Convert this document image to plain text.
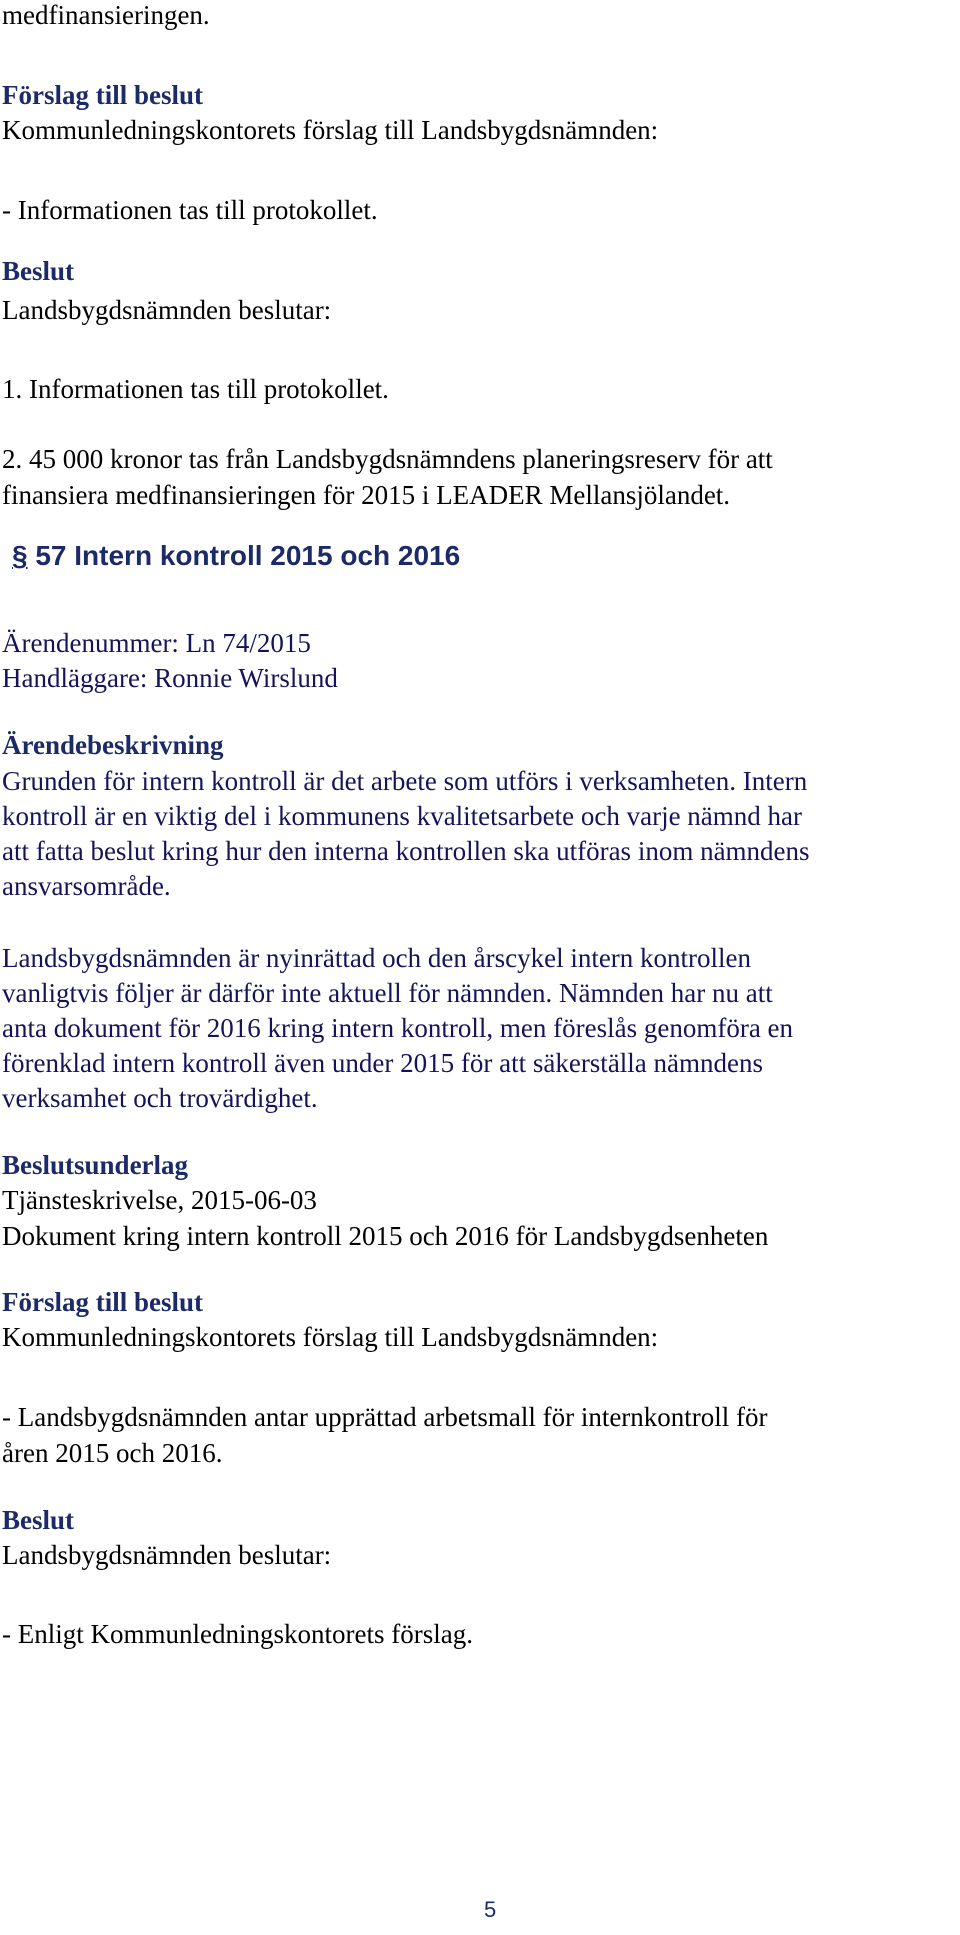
medfinansieringen.
Förslag till beslut
Kommunledningskontorets förslag till Landsbygdsnämnden:
- Informationen tas till protokollet.
Beslut
Landsbygdsnämnden beslutar:
1. Informationen tas till protokollet.
2. 45 000 kronor tas från Landsbygdsnämndens planeringsreserv för att
finansiera medfinansieringen för 2015 i LEADER Mellansjölandet.
§ 57 Intern kontroll 2015 och 2016
Ärendenummer: Ln 74/2015
Handläggare: Ronnie Wirslund
Ärendebeskrivning
Grunden för intern kontroll är det arbete som utförs i verksamheten. Intern
kontroll är en viktig del i kommunens kvalitetsarbete och varje nämnd har
att fatta beslut kring hur den interna kontrollen ska utföras inom nämndens
ansvarsområde.
Landsbygdsnämnden är nyinrättad och den årscykel intern kontrollen
vanligtvis följer är därför inte aktuell för nämnden. Nämnden har nu att
anta dokument för 2016 kring intern kontroll, men föreslås genomföra en
förenklad intern kontroll även under 2015 för att säkerställa nämndens
verksamhet och trovärdighet.
Beslutsunderlag
Tjänsteskrivelse, 2015-06-03
Dokument kring intern kontroll 2015 och 2016 för Landsbygdsenheten
Förslag till beslut
Kommunledningskontorets förslag till Landsbygdsnämnden:
- Landsbygdsnämnden antar upprättad arbetsmall för internkontroll för
åren 2015 och 2016.
Beslut
Landsbygdsnämnden beslutar:
- Enligt Kommunledningskontorets förslag.
5
